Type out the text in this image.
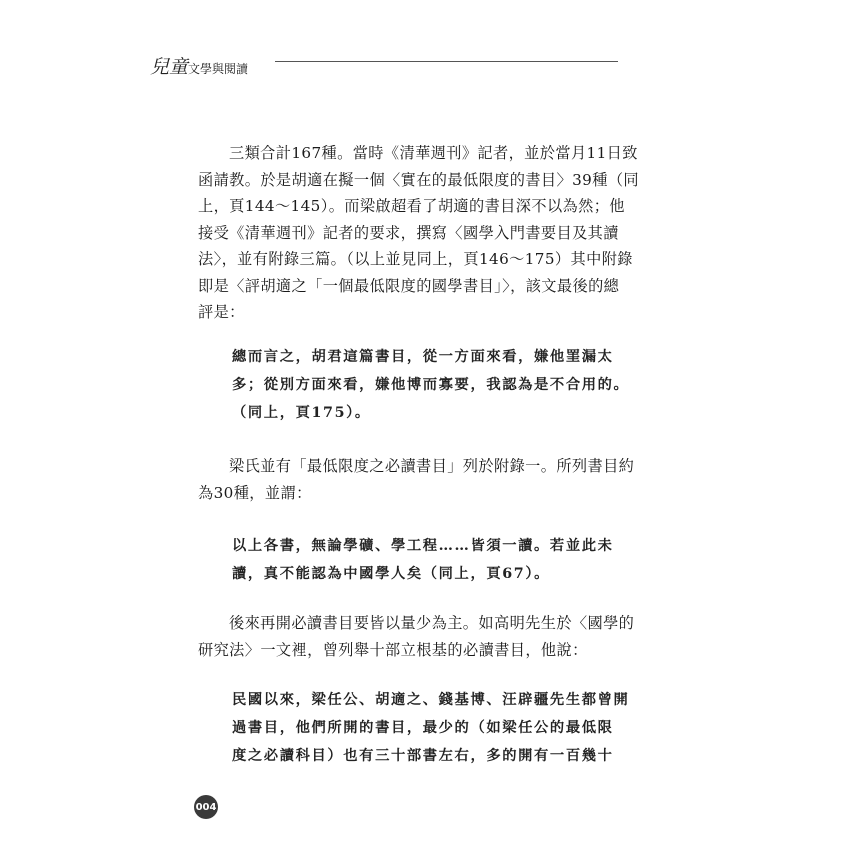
兒童文學與閱讀
三類合計167種。當時《清華週刊》記者，並於當月11日致
函請教。於是胡適在擬一個〈實在的最低限度的書目〉39種（同
上，頁144～145）。而梁啟超看了胡適的書目深不以為然；他
接受《清華週刊》記者的要求，撰寫〈國學入門書要目及其讀
法〉，並有附錄三篇。（以上並見同上，頁146～175）其中附錄
即是〈評胡適之「一個最低限度的國學書目」〉，該文最後的總
評是：
總而言之，胡君這篇書目，從一方面來看，嫌他罣漏太
多；從別方面來看，嫌他博而寡要，我認為是不合用的。
（同上，頁175）。
梁氏並有「最低限度之必讀書目」列於附錄一。所列書目約
為30種，並謂：
以上各書，無論學礦、學工程……皆須一讀。若並此未
讀，真不能認為中國學人矣（同上，頁67）。
後來再開必讀書目要皆以量少為主。如高明先生於〈國學的
研究法〉一文裡，曾列舉十部立根基的必讀書目，他說：
民國以來，梁任公、胡適之、錢基博、汪辟疆先生都曾開
過書目，他們所開的書目，最少的（如梁任公的最低限
度之必讀科目）也有三十部書左右，多的開有一百幾十
004
